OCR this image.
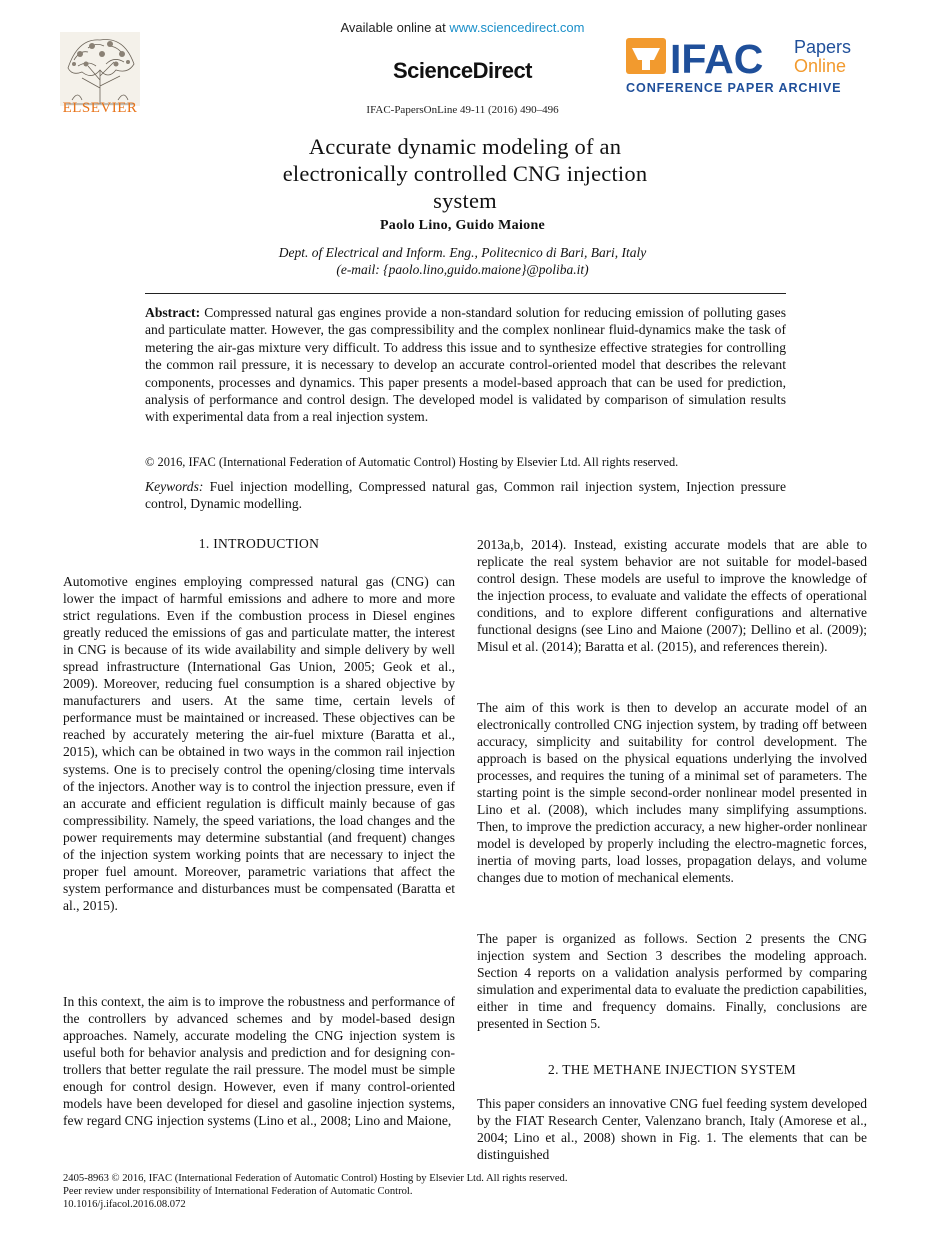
ELSEVIER
Available online at www.sciencedirect.com
ScienceDirect
IFAC-PapersOnLine 49-11 (2016) 490–496
IFAC Papers
Online
CONFERENCE PAPER ARCHIVE
Accurate dynamic modeling of an
electronically controlled CNG injection
system
Paolo Lino, Guido Maione
Dept. of Electrical and Inform. Eng., Politecnico di Bari, Bari, Italy
(e-mail: {paolo.lino,guido.maione}@poliba.it)
Abstract: Compressed natural gas engines provide a non-standard solution for reducing emission of polluting gases and particulate matter. However, the gas compressibility and the complex nonlinear fluid-dynamics make the task of metering the air-gas mixture very difficult. To address this issue and to synthesize effective strategies for controlling the common rail pressure, it is necessary to develop an accurate control-oriented model that describes the relevant components, processes and dynamics. This paper presents a model-based approach that can be used for prediction, analysis of performance and control design. The developed model is validated by comparison of simulation results with experimental data from a real injection system.
© 2016, IFAC (International Federation of Automatic Control) Hosting by Elsevier Ltd. All rights reserved.
Keywords: Fuel injection modelling, Compressed natural gas, Common rail injection system, Injection pressure control, Dynamic modelling.
1. INTRODUCTION

Automotive engines employing compressed natural gas (CNG) can lower the impact of harmful emissions and adhere to more and more strict regulations. Even if the combustion process in Diesel engines greatly reduced the emissions of gas and particulate matter, the interest in CNG is because of its wide availability and simple delivery by well spread infrastructure (International Gas Union, 2005; Geok et al., 2009). Moreover, reducing fuel consumption is a shared objective by manufacturers and users. At the same time, certain levels of performance must be maintained or increased. These objectives can be reached by accurately metering the air-fuel mixture (Baratta et al., 2015), which can be obtained in two ways in the common rail injection systems. One is to precisely control the opening/closing time intervals of the injectors. Another way is to control the injection pressure, even if an accurate and efficient regulation is difficult mainly because of gas compressibility. Namely, the speed variations, the load changes and the power requirements may determine substantial (and frequent) changes of the injection system working points that are necessary to inject the proper fuel amount. Moreover, parametric variations that affect the system performance and disturbances must be compensated (Baratta et al., 2015).

In this context, the aim is to improve the robustness and performance of the controllers by advanced schemes and by model-based design approaches. Namely, accurate modeling the CNG injection system is useful both for behavior analysis and prediction and for designing controllers that better regulate the rail pressure. The model must be simple enough for control design. However, even if many control-oriented models have been developed for diesel and gasoline injection systems, few regard CNG injection systems (Lino et al., 2008; Lino and Maione,

2013a,b, 2014). Instead, existing accurate models that are able to replicate the real system behavior are not suitable for model-based control design. These models are useful to improve the knowledge of the injection process, to evaluate and validate the effects of operational conditions, and to explore different configurations and alternative functional designs (see Lino and Maione (2007); Dellino et al. (2009); Misul et al. (2014); Baratta et al. (2015), and references therein).

The aim of this work is then to develop an accurate model of an electronically controlled CNG injection system, by trading off between accuracy, simplicity and suitability for control development. The approach is based on the physical equations underlying the involved processes, and requires the tuning of a minimal set of parameters. The starting point is the simple second-order nonlinear model presented in Lino et al. (2008), which includes many simplifying assumptions. Then, to improve the prediction accuracy, a new higher-order nonlinear model is developed by properly including the electro-magnetic forces, inertia of moving parts, load losses, propagation delays, and volume changes due to motion of mechanical elements.

The paper is organized as follows. Section 2 presents the CNG injection system and Section 3 describes the modeling approach. Section 4 reports on a validation analysis performed by comparing simulation and experimental data to evaluate the prediction capabilities, either in time and frequency domains. Finally, conclusions are presented in Section 5.

2. THE METHANE INJECTION SYSTEM

This paper considers an innovative CNG fuel feeding system developed by the FIAT Research Center, Valenzano branch, Italy (Amorese et al., 2004; Lino et al., 2008) shown in Fig. 1. The elements that can be distinguished

2405-8963 © 2016, IFAC (International Federation of Automatic Control) Hosting by Elsevier Ltd. All rights reserved.
Peer review under responsibility of International Federation of Automatic Control.
10.1016/j.ifacol.2016.08.072
